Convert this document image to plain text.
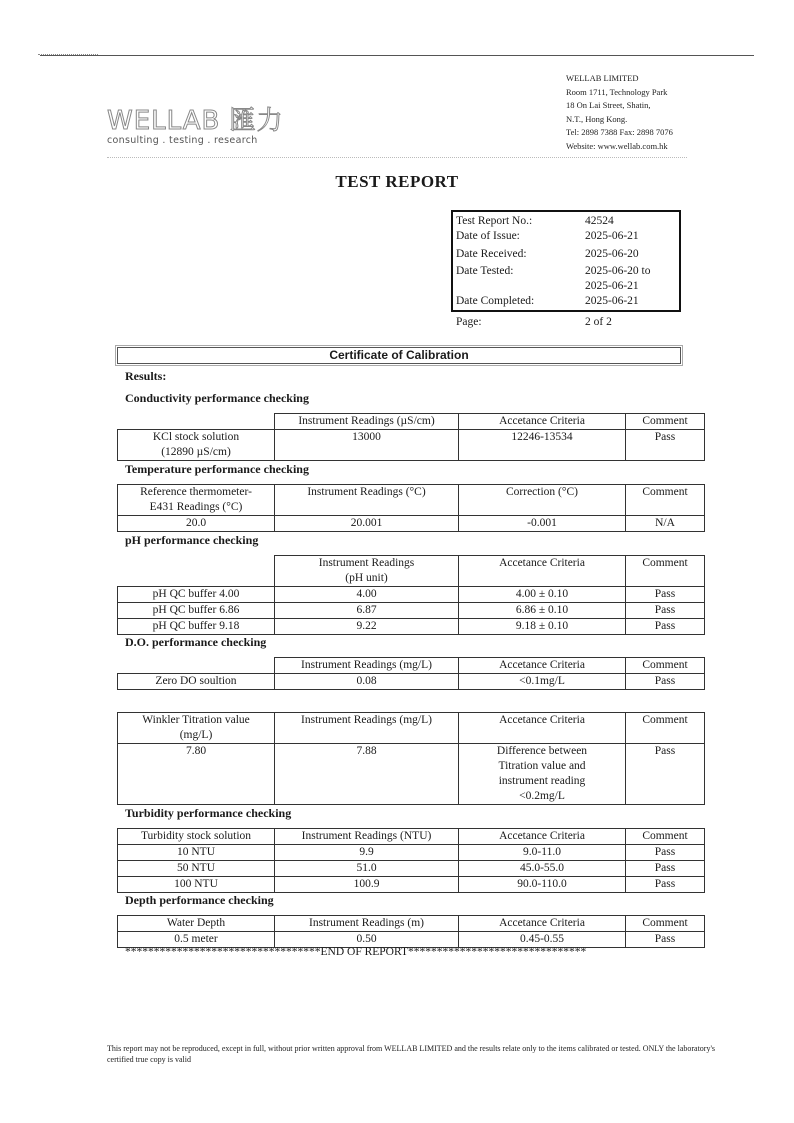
WELLAB 匯力
consulting . testing . research
WELLAB LIMITED
Room 1711, Technology Park
18 On Lai Street, Shatin,
N.T., Hong Kong.
Tel: 2898 7388 Fax: 2898 7076
Website: www.wellab.com.hk
TEST REPORT
Test Report No.:	42524
Date of Issue:	2025-06-21
Date Received:	2025-06-20
Date Tested:	2025-06-20 to
2025-06-21
Date Completed:	2025-06-21
Page:	2 of 2
Certificate of Calibration
Results:
Conductivity performance checking
	Instrument Readings (µS/cm)	Accetance Criteria	Comment

KCl stock solution
(12890 µS/cm)	13000	12246-13534	Pass
Temperature performance checking
Reference thermometer-
E431 Readings (°C)	Instrument Readings (°C)	Correction (°C)	Comment
20.0	20.001	-0.001	N/A
pH performance checking

	Instrument Readings
(pH unit)	Accetance Criteria	Comment
pH QC buffer 4.00	4.00	4.00 ± 0.10	Pass
pH QC buffer 6.86	6.87	6.86 ± 0.10	Pass
pH QC buffer 9.18	9.22	9.18 ± 0.10	Pass
D.O. performance checking
	Instrument Readings (mg/L)	Accetance Criteria	Comment
Zero DO soultion	0.08	<0.1mg/L	Pass
Winkler Titration value
(mg/L)	Instrument Readings (mg/L)	Accetance Criteria	Comment
7.80	7.88	Difference between
Titration value and
instrument reading
<0.2mg/L	Pass
Turbidity performance checking
Turbidity stock solution	Instrument Readings (NTU)	Accetance Criteria	Comment
10 NTU	9.9	9.0-11.0	Pass
50 NTU	51.0	45.0-55.0	Pass
100 NTU	100.9	90.0-110.0	Pass
Depth performance checking
Water Depth	Instrument Readings (m)	Accetance Criteria	Comment
0.5 meter	0.50	0.45-0.55	Pass
**********************************END OF REPORT*******************************
This report may not be reproduced, except in full, without prior written approval from WELLAB LIMITED and the results relate only to the items calibrated or tested. ONLY the laboratory's certified true copy is valid
